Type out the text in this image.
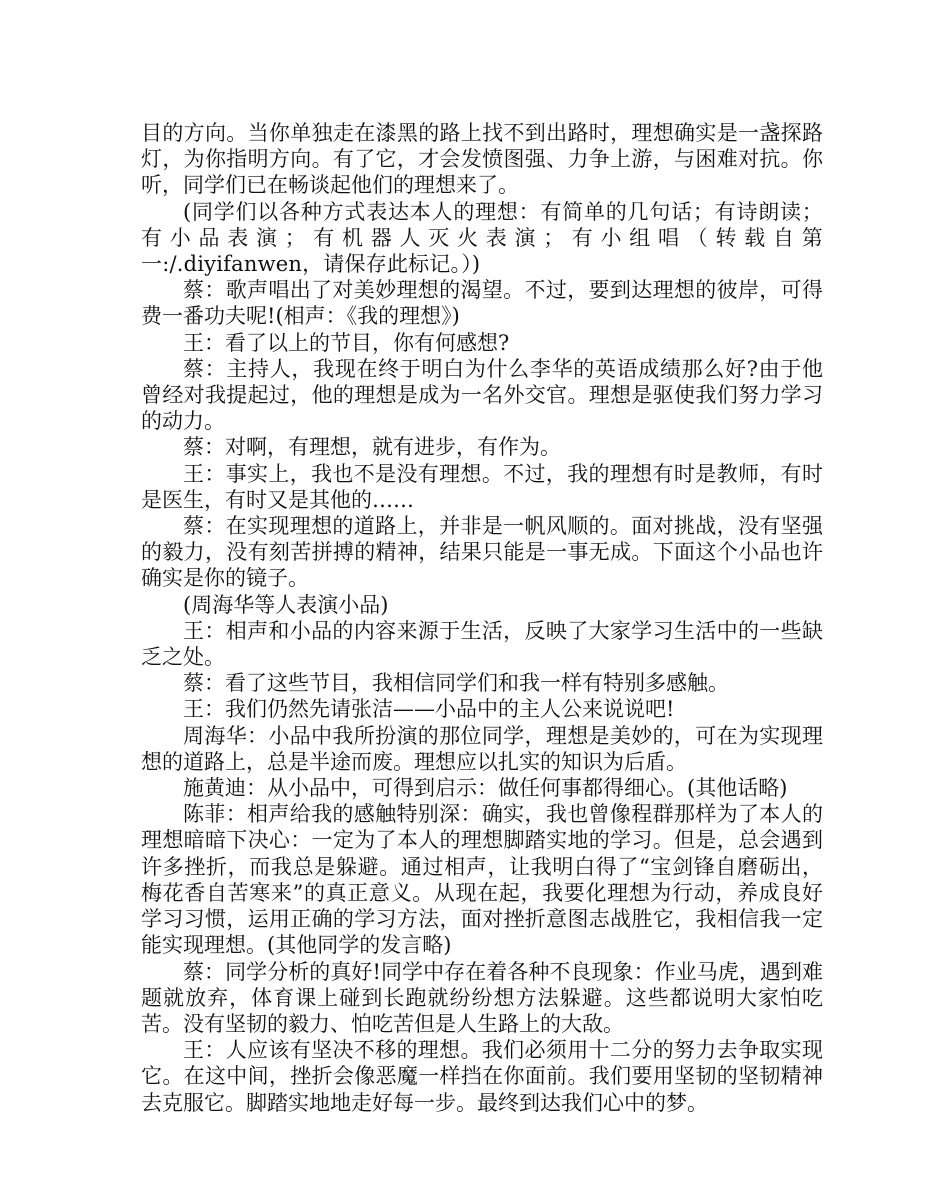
目的方向。当你单独走在漆黑的路上找不到出路时，理想确实是一盏探路灯，为你指明方向。有了它，才会发愤图强、力争上游，与困难对抗。你听，同学们已在畅谈起他们的理想来了。

(同学们以各种方式表达本人的理想：有简单的几句话；有诗朗读；有 小 品 表 演 ； 有 机 器 人 灭 火 表 演 ； 有 小 组 唱 （ 转 载 自 第一:/.diyifanwen，请保存此标记。）)

蔡：歌声唱出了对美妙理想的渴望。不过，要到达理想的彼岸，可得费一番功夫呢!(相声：《我的理想》)

王：看了以上的节目，你有何感想?

蔡：主持人，我现在终于明白为什么李华的英语成绩那么好?由于他曾经对我提起过，他的理想是成为一名外交官。理想是驱使我们努力学习的动力。

蔡：对啊，有理想，就有进步，有作为。

王：事实上，我也不是没有理想。不过，我的理想有时是教师，有时是医生，有时又是其他的……

蔡：在实现理想的道路上，并非是一帆风顺的。面对挑战，没有坚强的毅力，没有刻苦拼搏的精神，结果只能是一事无成。下面这个小品也许确实是你的镜子。

(周海华等人表演小品)

王：相声和小品的内容来源于生活，反映了大家学习生活中的一些缺乏之处。

蔡：看了这些节目，我相信同学们和我一样有特别多感触。

王：我们仍然先请张洁——小品中的主人公来说说吧!

周海华：小品中我所扮演的那位同学，理想是美妙的，可在为实现理想的道路上，总是半途而废。理想应以扎实的知识为后盾。

施黄迪：从小品中，可得到启示：做任何事都得细心。(其他话略)

陈菲：相声给我的感触特别深：确实，我也曾像程群那样为了本人的理想暗暗下决心：一定为了本人的理想脚踏实地的学习。但是，总会遇到许多挫折，而我总是躲避。通过相声，让我明白得了“宝剑锋自磨砺出，梅花香自苦寒来”的真正意义。从现在起，我要化理想为行动，养成良好学习习惯，运用正确的学习方法，面对挫折意图志战胜它，我相信我一定能实现理想。(其他同学的发言略)

蔡：同学分析的真好!同学中存在着各种不良现象：作业马虎，遇到难题就放弃，体育课上碰到长跑就纷纷想方法躲避。这些都说明大家怕吃苦。没有坚韧的毅力、怕吃苦但是人生路上的大敌。

王：人应该有坚决不移的理想。我们必须用十二分的努力去争取实现它。在这中间，挫折会像恶魔一样挡在你面前。我们要用坚韧的坚韧精神去克服它。脚踏实地地走好每一步。最终到达我们心中的梦。
